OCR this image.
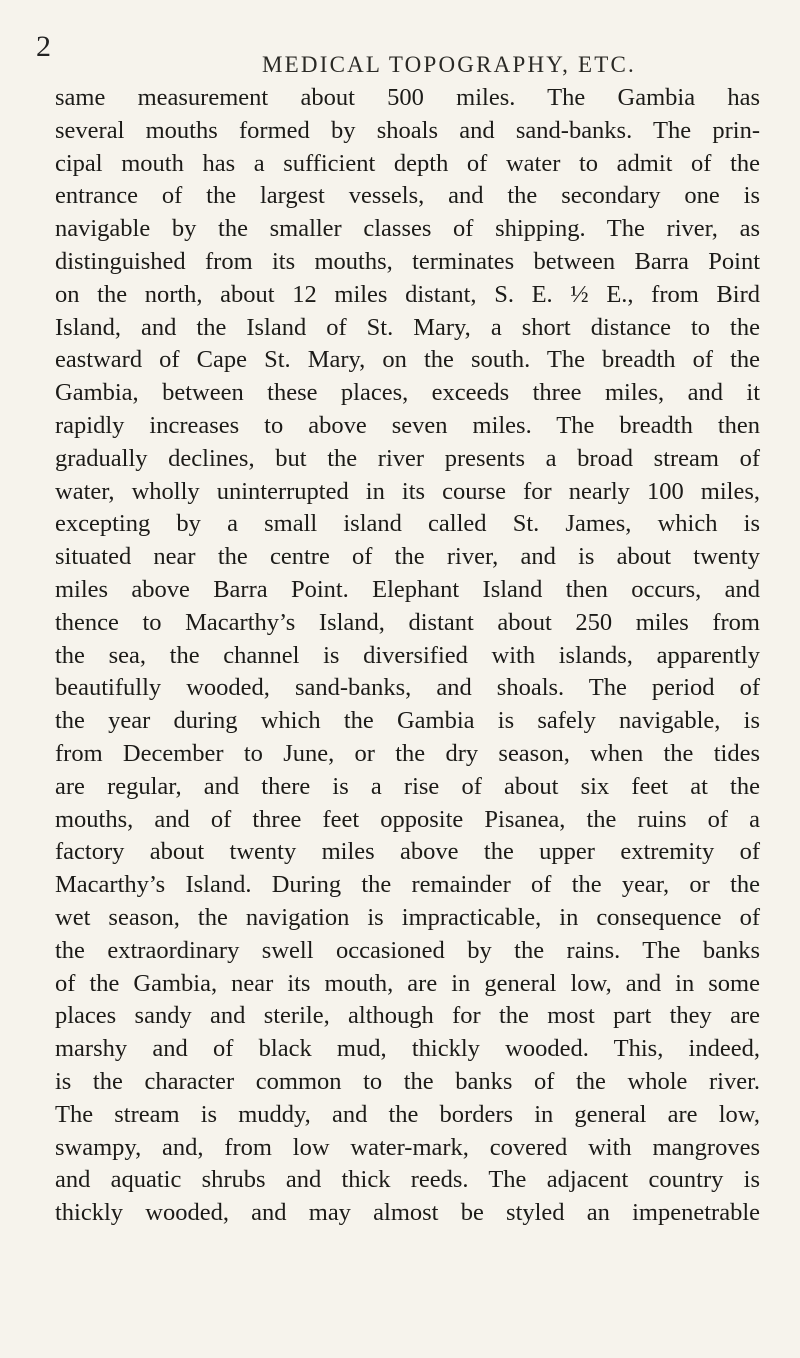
2
MEDICAL TOPOGRAPHY, ETC.
same measurement about 500 miles. The Gambia has
several mouths formed by shoals and sand-banks. The prin-
cipal mouth has a sufficient depth of water to admit of the
entrance of the largest vessels, and the secondary one is
navigable by the smaller classes of shipping. The river, as
distinguished from its mouths, terminates between Barra Point
on the north, about 12 miles distant, S. E. ½ E., from Bird
Island, and the Island of St. Mary, a short distance to the
eastward of Cape St. Mary, on the south. The breadth of the
Gambia, between these places, exceeds three miles, and it
rapidly increases to above seven miles. The breadth then
gradually declines, but the river presents a broad stream of
water, wholly uninterrupted in its course for nearly 100 miles,
excepting by a small island called St. James, which is
situated near the centre of the river, and is about twenty
miles above Barra Point. Elephant Island then occurs, and
thence to Macarthy’s Island, distant about 250 miles from
the sea, the channel is diversified with islands, apparently
beautifully wooded, sand-banks, and shoals. The period of
the year during which the Gambia is safely navigable, is
from December to June, or the dry season, when the tides
are regular, and there is a rise of about six feet at the
mouths, and of three feet opposite Pisanea, the ruins of a
factory about twenty miles above the upper extremity of
Macarthy’s Island. During the remainder of the year, or the
wet season, the navigation is impracticable, in consequence of
the extraordinary swell occasioned by the rains. The banks
of the Gambia, near its mouth, are in general low, and in some
places sandy and sterile, although for the most part they are
marshy and of black mud, thickly wooded. This, indeed,
is the character common to the banks of the whole river.
The stream is muddy, and the borders in general are low,
swampy, and, from low water-mark, covered with mangroves
and aquatic shrubs and thick reeds. The adjacent country is
thickly wooded, and may almost be styled an impenetrable
